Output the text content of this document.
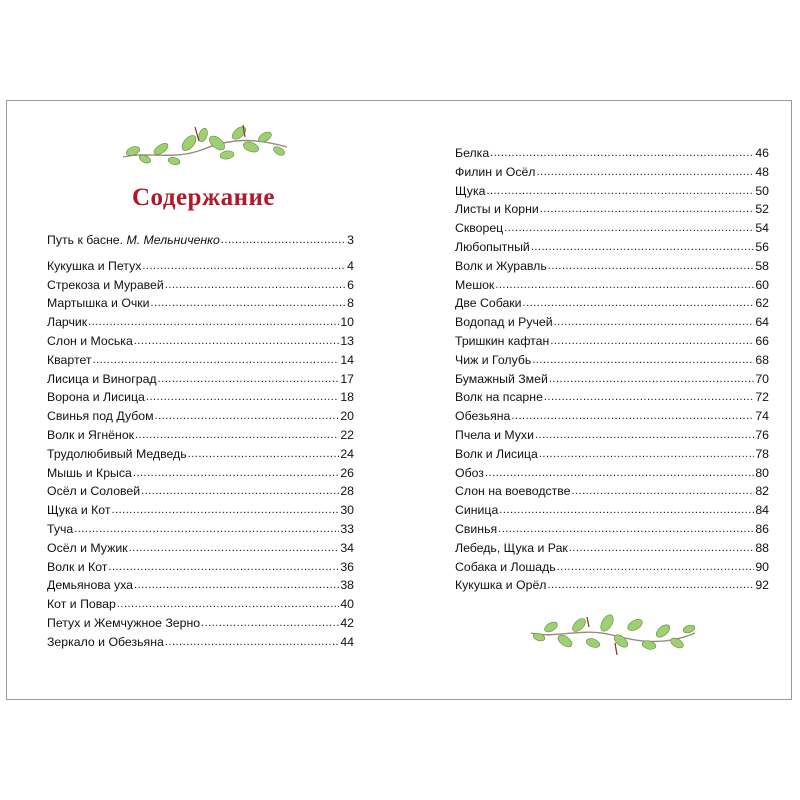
Содержание
Путь к басне. М. Мельниченко .....	3
Кукушка и Петух .....	4
Стрекоза и Муравей .....	6
Мартышка и Очки .....	8
Ларчик .....	10
Слон и Моська .....	13
Квартет .....	14
Лисица и Виноград .....	17
Ворона и Лисица .....	18
Свинья под Дубом .....	20
Волк и Ягнёнок .....	22
Трудолюбивый Медведь .....	24
Мышь и Крыса .....	26
Осёл и Соловей .....	28
Щука и Кот .....	30
Туча .....	33
Осёл и Мужик .....	34
Волк и Кот .....	36
Демьянова уха .....	38
Кот и Повар .....	40
Петух и Жемчужное Зерно .....	42
Зеркало и Обезьяна .....	44
Белка .....	46
Филин и Осёл .....	48
Щука .....	50
Листы и Корни .....	52
Скворец .....	54
Любопытный .....	56
Волк и Журавль .....	58
Мешок .....	60
Две Собаки .....	62
Водопад и Ручей .....	64
Тришкин кафтан .....	66
Чиж и Голубь .....	68
Бумажный Змей .....	70
Волк на псарне .....	72
Обезьяна .....	74
Пчела и Мухи .....	76
Волк и Лисица .....	78
Обоз .....	80
Слон на воеводстве .....	82
Синица .....	84
Свинья .....	86
Лебедь, Щука и Рак .....	88
Собака и Лошадь .....	90
Кукушка и Орёл .....	92
